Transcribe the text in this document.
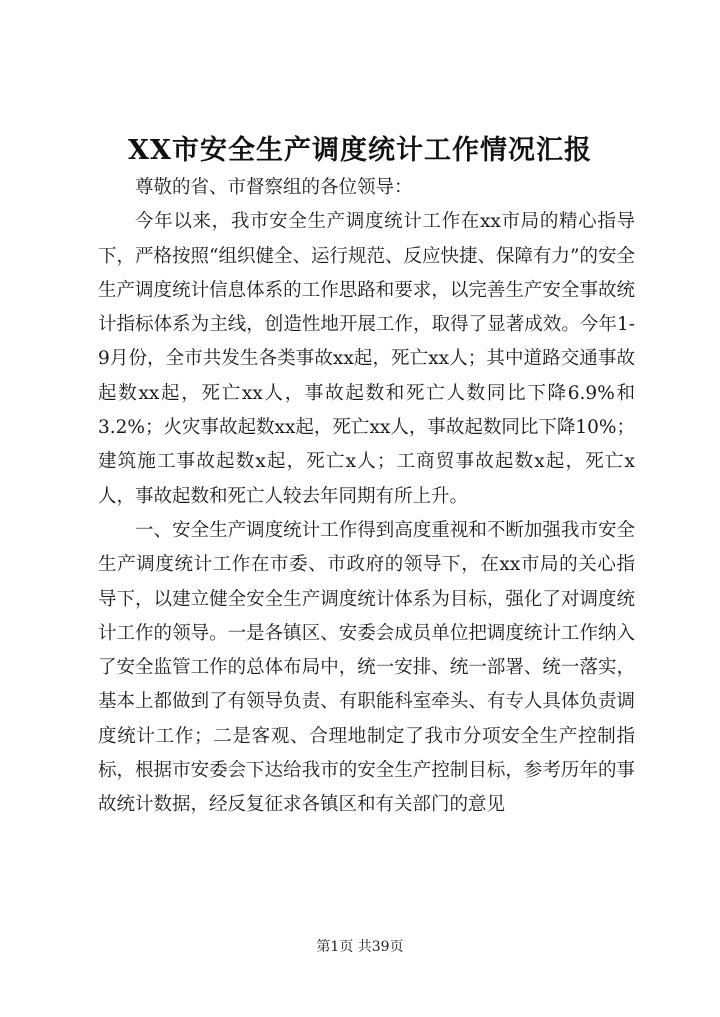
XX市安全生产调度统计工作情况汇报

尊敬的省、市督察组的各位领导：

今年以来，我市安全生产调度统计工作在xx市局的精心指导下，严格按照“组织健全、运行规范、反应快捷、保障有力”的安全生产调度统计信息体系的工作思路和要求，以完善生产安全事故统计指标体系为主线，创造性地开展工作，取得了显著成效。今年1-9月份，全市共发生各类事故xx起，死亡xx人；其中道路交通事故起数xx起，死亡xx人，事故起数和死亡人数同比下降6.9%和3.2%；火灾事故起数xx起，死亡xx人，事故起数同比下降10%；建筑施工事故起数x起，死亡x人；工商贸事故起数x起，死亡x人，事故起数和死亡人较去年同期有所上升。

一、安全生产调度统计工作得到高度重视和不断加强我市安全生产调度统计工作在市委、市政府的领导下，在xx市局的关心指导下，以建立健全安全生产调度统计体系为目标，强化了对调度统计工作的领导。一是各镇区、安委会成员单位把调度统计工作纳入了安全监管工作的总体布局中，统一安排、统一部署、统一落实，基本上都做到了有领导负责、有职能科室牵头、有专人具体负责调度统计工作；二是客观、合理地制定了我市分项安全生产控制指标，根据市安委会下达给我市的安全生产控制目标，参考历年的事故统计数据，经反复征求各镇区和有关部门的意见

第1页 共39页
